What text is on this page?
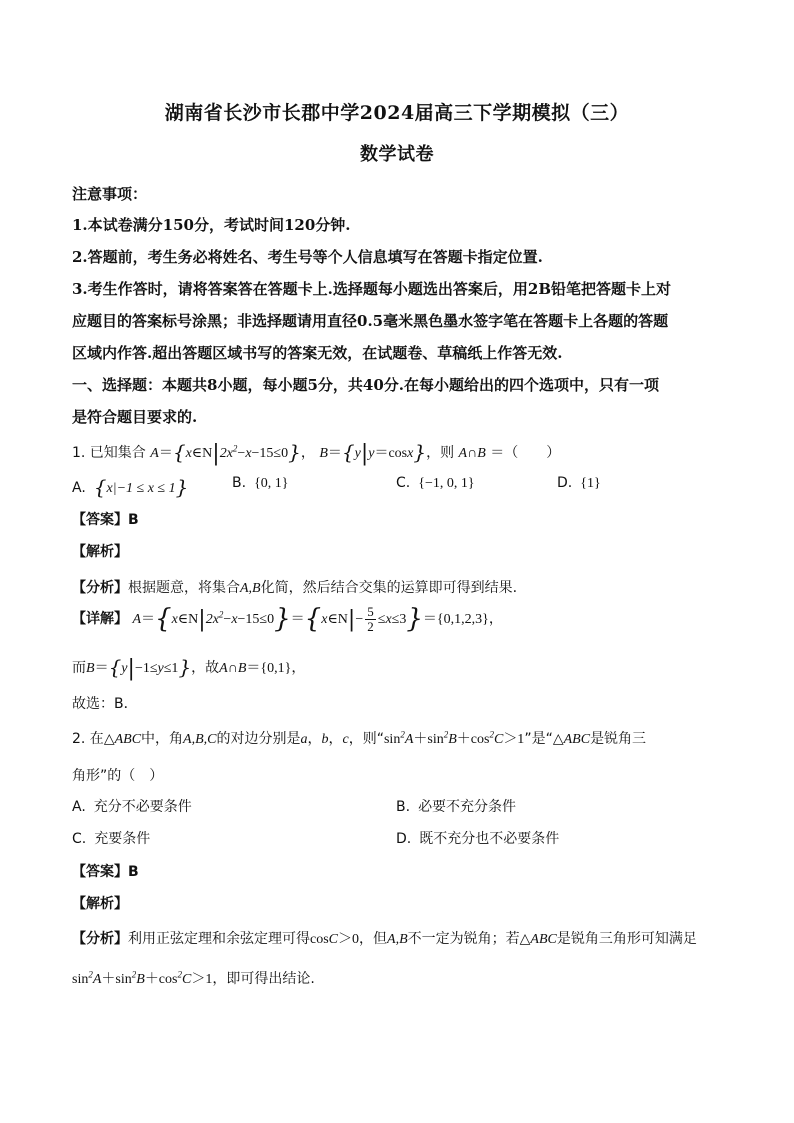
湖南省长沙市长郡中学2024届高三下学期模拟（三）
数学试卷
注意事项：
1.本试卷满分150分，考试时间120分钟.
2.答题前，考生务必将姓名、考生号等个人信息填写在答题卡指定位置.
3.考生作答时，请将答案答在答题卡上.选择题每小题选出答案后，用2B铅笔把答题卡上对
应题目的答案标号涂黑；非选择题请用直径0.5毫米黑色墨水签字笔在答题卡上各题的答题
区域内作答.超出答题区域书写的答案无效，在试题卷、草稿纸上作答无效.
一、选择题：本题共8小题，每小题5分，共40分.在每小题给出的四个选项中，只有一项
是符合题目要求的.
1. 已知集合 $A=\{x\in N|2x^2-x-15\le 0\}$， B＝{y|y＝cosx}，则 A∩B ＝（　　）
A. {x|−1 ≤ x ≤ 1}	B. {0, 1}	C. {−1, 0, 1}	D. {1}
【答案】B
【解析】
【分析】根据题意，将集合A,B化简，然后结合交集的运算即可得到结果.
【详解】 $A=\{x\in N|2x^2-x-15\le 0\}=\{x\in N|- \frac{5}{2} \le x\le 3\}=\{0,1,2,3\}$，
而B＝{y|−1≤y≤1}，故A∩B＝{0,1}，
故选：B．
2. 在△ABC中，角A,B,C的对边分别是a，b，c，则“$\sin^2A+\sin^2B+\cos^2C>1$”是“△ABC是锐角三
角形”的（　）
A. 充分不必要条件	B. 必要不充分条件
C. 充要条件	D. 既不充分也不必要条件
【答案】B
【解析】
【分析】利用正弦定理和余弦定理可得cosC＞0，但A,B不一定为锐角；若△ABC是锐角三角形可知满足
$\sin^2A+\sin^2B+\cos^2C>1$，即可得出结论.
